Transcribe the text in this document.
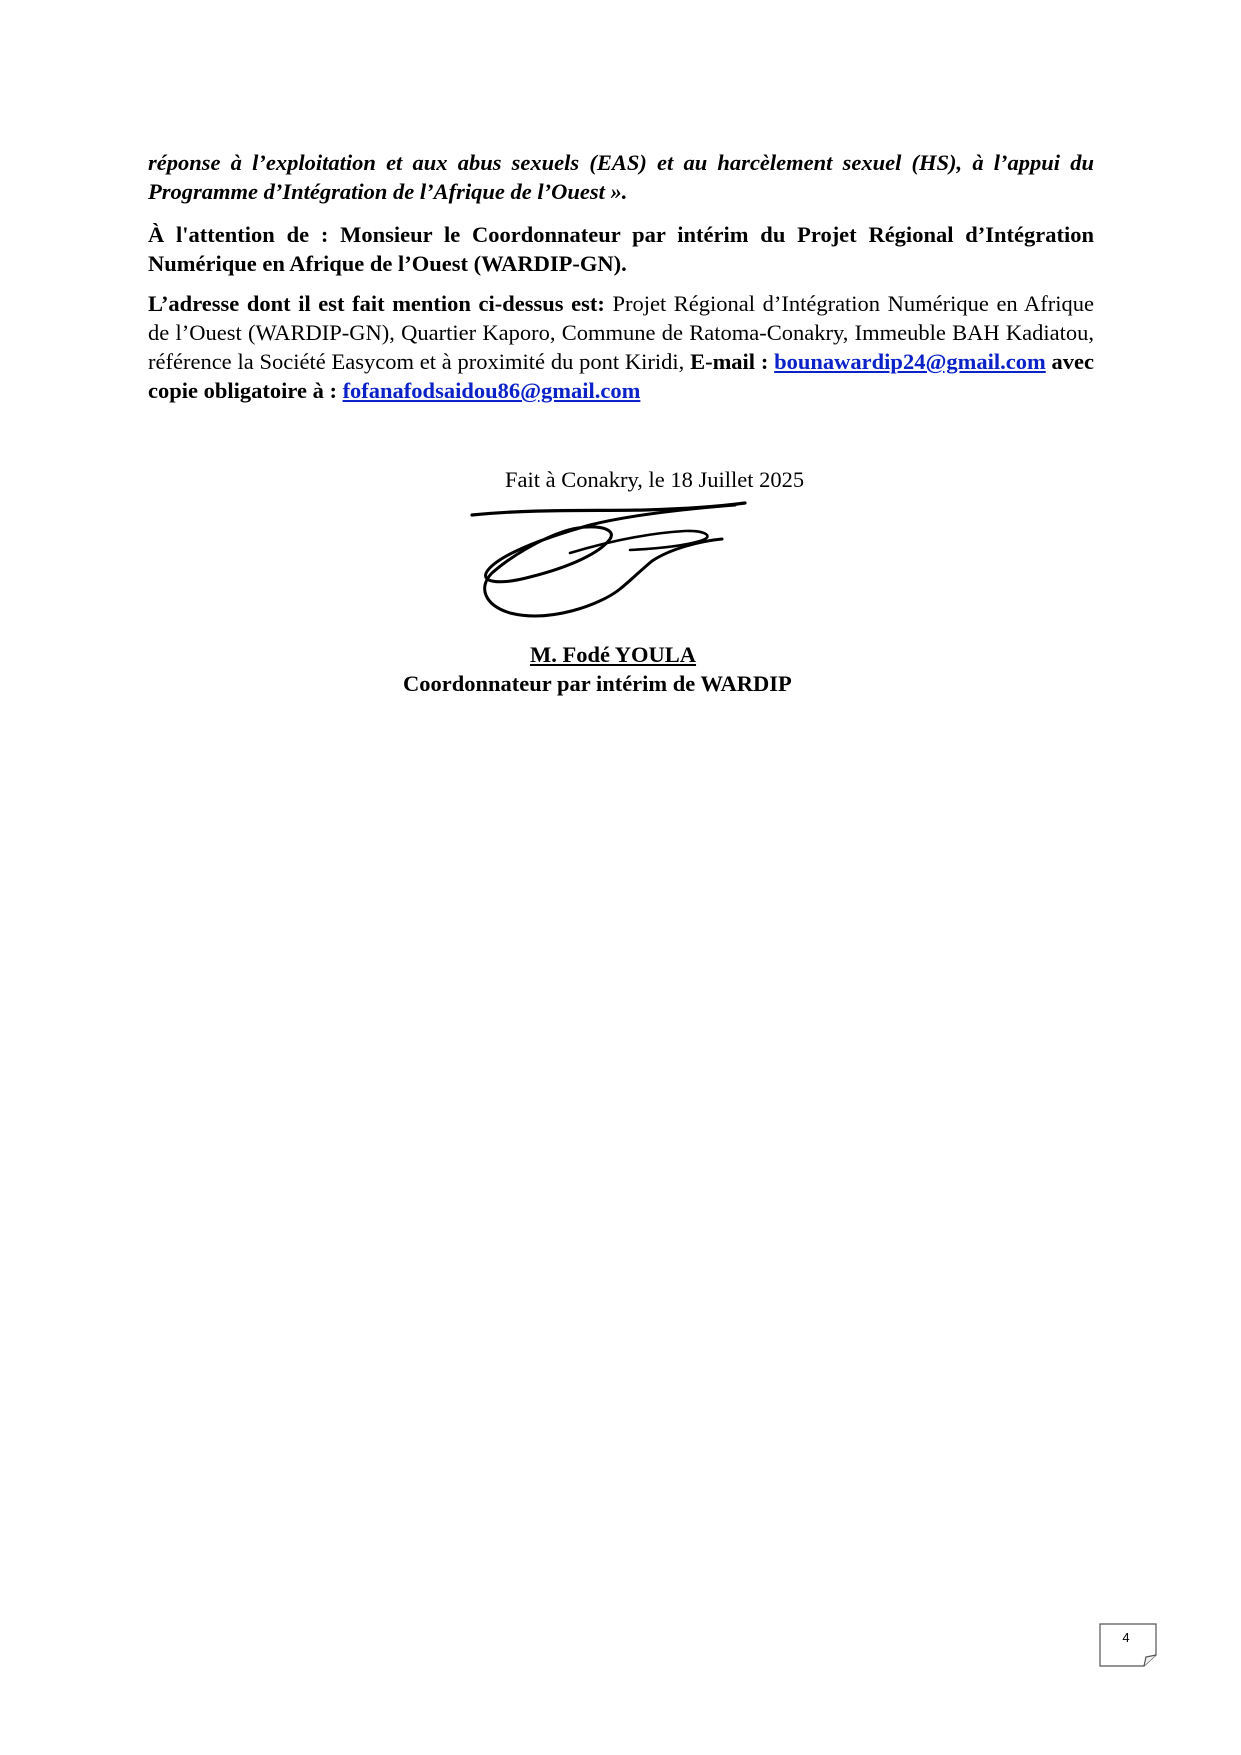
réponse à l’exploitation et aux abus sexuels (EAS) et au harcèlement sexuel (HS), à l’appui du Programme d’Intégration de l’Afrique de l’Ouest ».

À l'attention de : Monsieur le Coordonnateur par intérim du Projet Régional d’Intégration Numérique en Afrique de l’Ouest (WARDIP-GN).

L’adresse dont il est fait mention ci-dessus est: Projet Régional d’Intégration Numérique en Afrique de l’Ouest (WARDIP-GN), Quartier Kaporo, Commune de Ratoma-Conakry, Immeuble BAH Kadiatou, référence la Société Easycom et à proximité du pont Kiridi, E-mail : bounawardip24@gmail.com avec copie obligatoire à : fofanafodsaidou86@gmail.com

Fait à Conakry, le 18 Juillet 2025
M. Fodé YOULA
Coordonnateur par intérim de WARDIP
4
